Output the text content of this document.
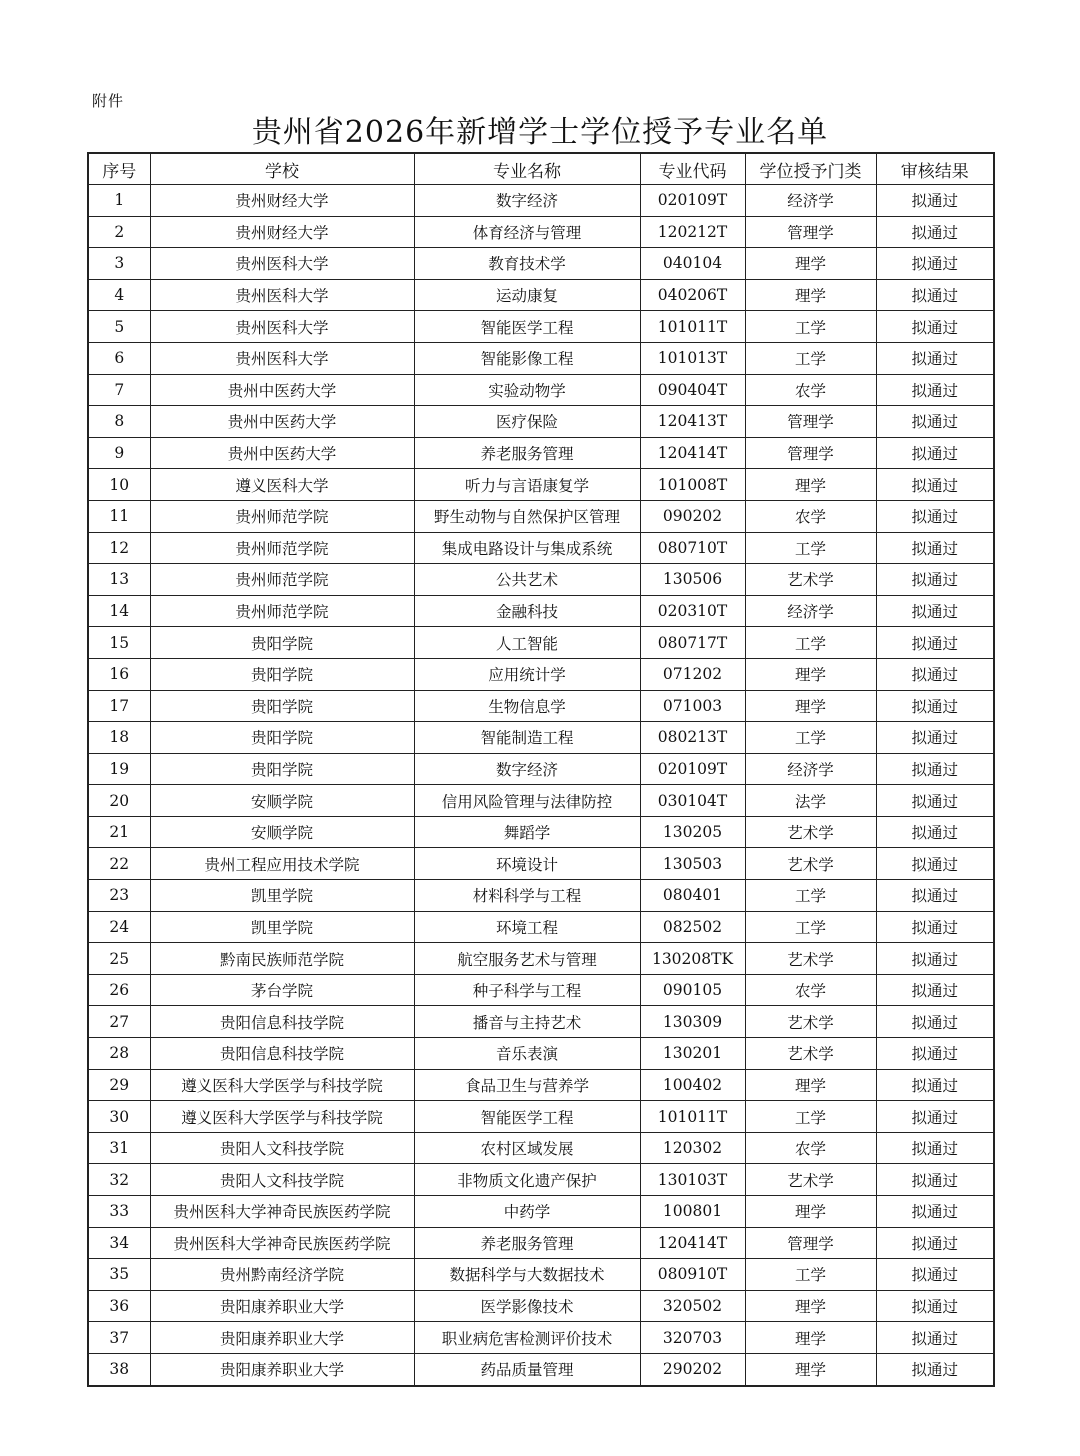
附件
贵州省2026年新增学士学位授予专业名单
序号	学校	专业名称	专业代码	学位授予门类	审核结果
1	贵州财经大学	数字经济	020109T	经济学	拟通过
2	贵州财经大学	体育经济与管理	120212T	管理学	拟通过
3	贵州医科大学	教育技术学	040104	理学	拟通过
4	贵州医科大学	运动康复	040206T	理学	拟通过
5	贵州医科大学	智能医学工程	101011T	工学	拟通过
6	贵州医科大学	智能影像工程	101013T	工学	拟通过
7	贵州中医药大学	实验动物学	090404T	农学	拟通过
8	贵州中医药大学	医疗保险	120413T	管理学	拟通过
9	贵州中医药大学	养老服务管理	120414T	管理学	拟通过
10	遵义医科大学	听力与言语康复学	101008T	理学	拟通过
11	贵州师范学院	野生动物与自然保护区管理	090202	农学	拟通过
12	贵州师范学院	集成电路设计与集成系统	080710T	工学	拟通过
13	贵州师范学院	公共艺术	130506	艺术学	拟通过
14	贵州师范学院	金融科技	020310T	经济学	拟通过
15	贵阳学院	人工智能	080717T	工学	拟通过
16	贵阳学院	应用统计学	071202	理学	拟通过
17	贵阳学院	生物信息学	071003	理学	拟通过
18	贵阳学院	智能制造工程	080213T	工学	拟通过
19	贵阳学院	数字经济	020109T	经济学	拟通过
20	安顺学院	信用风险管理与法律防控	030104T	法学	拟通过
21	安顺学院	舞蹈学	130205	艺术学	拟通过
22	贵州工程应用技术学院	环境设计	130503	艺术学	拟通过
23	凯里学院	材料科学与工程	080401	工学	拟通过
24	凯里学院	环境工程	082502	工学	拟通过
25	黔南民族师范学院	航空服务艺术与管理	130208TK	艺术学	拟通过
26	茅台学院	种子科学与工程	090105	农学	拟通过
27	贵阳信息科技学院	播音与主持艺术	130309	艺术学	拟通过
28	贵阳信息科技学院	音乐表演	130201	艺术学	拟通过
29	遵义医科大学医学与科技学院	食品卫生与营养学	100402	理学	拟通过
30	遵义医科大学医学与科技学院	智能医学工程	101011T	工学	拟通过
31	贵阳人文科技学院	农村区域发展	120302	农学	拟通过
32	贵阳人文科技学院	非物质文化遗产保护	130103T	艺术学	拟通过
33	贵州医科大学神奇民族医药学院	中药学	100801	理学	拟通过
34	贵州医科大学神奇民族医药学院	养老服务管理	120414T	管理学	拟通过
35	贵州黔南经济学院	数据科学与大数据技术	080910T	工学	拟通过
36	贵阳康养职业大学	医学影像技术	320502	理学	拟通过
37	贵阳康养职业大学	职业病危害检测评价技术	320703	理学	拟通过
38	贵阳康养职业大学	药品质量管理	290202	理学	拟通过
